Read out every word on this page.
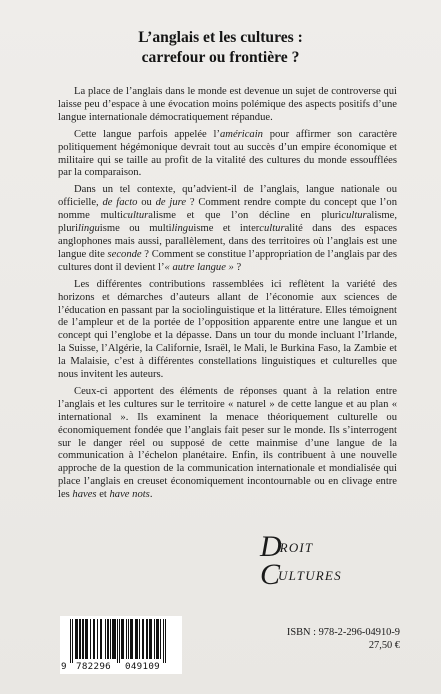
L’anglais et les cultures :
carrefour ou frontière ?

La place de l’anglais dans le monde est devenue un sujet de controverse qui laisse peu d’espace à une évocation moins polémique des aspects positifs d’une langue internationale démocratiquement répandue.

Cette langue parfois appelée l’américain pour affirmer son caractère politiquement hégémonique devrait tout au succès d’un empire économique et militaire qui se taille au profit de la vitalité des cultures du monde essoufflées par la comparaison.

Dans un tel contexte, qu’advient-il de l’anglais, langue nationale ou officielle, de facto ou de jure ? Comment rendre compte du concept que l’on nomme multiculturalisme et que l’on décline en pluriculturalisme, plurilinguisme ou multilinguisme et interculturalité dans des espaces anglophones mais aussi, parallèlement, dans des territoires où l’anglais est une langue dite seconde ? Comment se constitue l’appropriation de l’anglais par des cultures dont il devient l’« autre langue » ?

Les différentes contributions rassemblées ici reflètent la variété des horizons et démarches d’auteurs allant de l’économie aux sciences de l’éducation en passant par la sociolinguistique et la littérature. Elles témoignent de l’ampleur et de la portée de l’opposition apparente entre une langue et un concept qui l’englobe et la dépasse. Dans un tour du monde incluant l’Irlande, la Suisse, l’Algérie, la Californie, Israël, le Mali, le Burkina Faso, la Zambie et la Malaisie, c’est à différentes constellations linguistiques et culturelles que nous invitent les auteurs.

Ceux-ci apportent des éléments de réponses quant à la relation entre l’anglais et les cultures sur le territoire « naturel » de cette langue et au plan « international ». Ils examinent la menace théoriquement culturelle ou économiquement fondée que l’anglais fait peser sur le monde. Ils s’interrogent sur le danger réel ou supposé de cette mainmise d’une langue de la communication à l’échelon planétaire. Enfin, ils contribuent à une nouvelle approche de la question de la communication internationale et mondialisée qui place l’anglais en creuset économiquement incontournable ou en clivage entre les haves et have nots.

DROIT
CULTURES
9 782296 049109
ISBN : 978-2-296-04910-9
27,50 €
